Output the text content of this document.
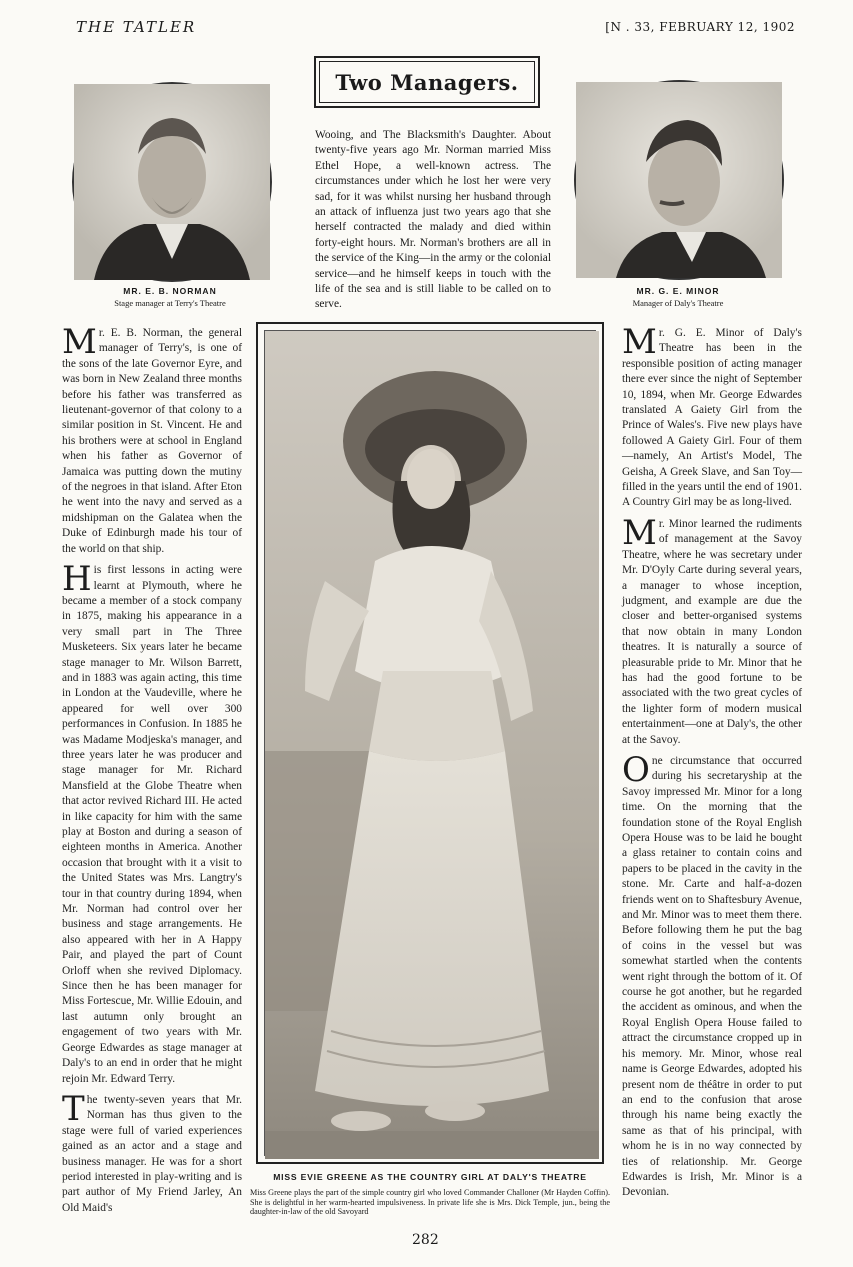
THE TATLER	[N . 33, FEBRUARY 12, 1902
Two Managers.
MR. E. B. NORMAN
Stage manager at Terry's Theatre
MR. G. E. MINOR
Manager of Daly's Theatre
Wooing, and The Blacksmith's Daughter. About twenty-five years ago Mr. Norman married Miss Ethel Hope, a well-known actress. The circumstances under which he lost her were very sad, for it was whilst nursing her husband through an attack of influenza just two years ago that she herself contracted the malady and died within forty-eight hours. Mr. Norman's brothers are all in the service of the King—in the army or the colonial service—and he himself keeps in touch with the life of the sea and is still liable to be called on to serve.

Mr. E. B. Norman, the general manager of Terry's, is one of the sons of the late Governor Eyre, and was born in New Zealand three months before his father was transferred as lieutenant-governor of that colony to a similar position in St. Vincent. He and his brothers were at school in England when his father as Governor of Jamaica was putting down the mutiny of the negroes in that island. After Eton he went into the navy and served as a midshipman on the Galatea when the Duke of Edinburgh made his tour of the world on that ship.

His first lessons in acting were learnt at Plymouth, where he became a member of a stock company in 1875, making his appearance in a very small part in The Three Musketeers. Six years later he became stage manager to Mr. Wilson Barrett, and in 1883 was again acting, this time in London at the Vaudeville, where he appeared for well over 300 performances in Confusion. In 1885 he was Madame Modjeska's manager, and three years later he was producer and stage manager for Mr. Richard Mansfield at the Globe Theatre when that actor revived Richard III. He acted in like capacity for him with the same play at Boston and during a season of eighteen months in America. Another occasion that brought with it a visit to the United States was Mrs. Langtry's tour in that country during 1894, when Mr. Norman had control over her business and stage arrangements. He also appeared with her in A Happy Pair, and played the part of Count Orloff when she revived Diplomacy. Since then he has been manager for Miss Fortescue, Mr. Willie Edouin, and last autumn only brought an engagement of two years with Mr. George Edwardes as stage manager at Daly's to an end in order that he might rejoin Mr. Edward Terry.

The twenty-seven years that Mr. Norman has thus given to the stage were full of varied experiences gained as an actor and a stage and business manager. He was for a short period interested in play-writing and is part author of My Friend Jarley, An Old Maid's

MISS EVIE GREENE AS THE COUNTRY GIRL AT DALY'S THEATRE
Miss Greene plays the part of the simple country girl who loved Commander Challoner (Mr Hayden Coffin). She is delightful in her warm-hearted impulsiveness. In private life she is Mrs. Dick Temple, jun., being the daughter-in-law of the old Savoyard

Mr. G. E. Minor of Daly's Theatre has been in the responsible position of acting manager there ever since the night of September 10, 1894, when Mr. George Edwardes translated A Gaiety Girl from the Prince of Wales's. Five new plays have followed A Gaiety Girl. Four of them—namely, An Artist's Model, The Geisha, A Greek Slave, and San Toy—filled in the years until the end of 1901. A Country Girl may be as long-lived.

Mr. Minor learned the rudiments of management at the Savoy Theatre, where he was secretary under Mr. D'Oyly Carte during several years, a manager to whose inception, judgment, and example are due the closer and better-organised systems that now obtain in many London theatres. It is naturally a source of pleasurable pride to Mr. Minor that he has had the good fortune to be associated with the two great cycles of the lighter form of modern musical entertainment—one at Daly's, the other at the Savoy.

One circumstance that occurred during his secretaryship at the Savoy impressed Mr. Minor for a long time. On the morning that the foundation stone of the Royal English Opera House was to be laid he bought a glass retainer to contain coins and papers to be placed in the cavity in the stone. Mr. Carte and half-a-dozen friends went on to Shaftesbury Avenue, and Mr. Minor was to meet them there. Before following them he put the bag of coins in the vessel but was somewhat startled when the contents went right through the bottom of it. Of course he got another, but he regarded the accident as ominous, and when the Royal English Opera House failed to attract the circumstance cropped up in his memory. Mr. Minor, whose real name is George Edwardes, adopted his present nom de théâtre in order to put an end to the confusion that arose through his name being exactly the same as that of his principal, with whom he is in no way connected by ties of relationship. Mr. George Edwardes is Irish, Mr. Minor is a Devonian.

282
